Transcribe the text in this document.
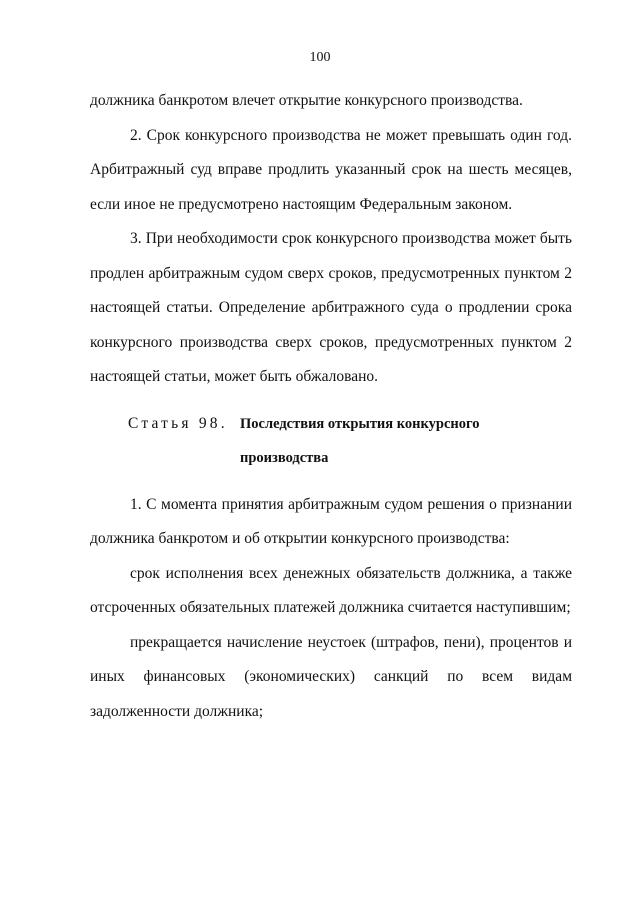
100

должника банкротом влечет открытие конкурсного производства.

2. Срок конкурсного производства не может превышать один год. Арбитражный суд вправе продлить указанный срок на шесть месяцев, если иное не предусмотрено настоящим Федеральным законом.

3. При необходимости срок конкурсного производства может быть продлен арбитражным судом сверх сроков, предусмотренных пунктом 2 настоящей статьи. Определение арбитражного суда о продлении срока конкурсного производства сверх сроков, предусмотренных пунктом 2 настоящей статьи, может быть обжаловано.

Статья 98. Последствия открытия конкурсного
производства

1. С момента принятия арбитражным судом решения о признании должника банкротом и об открытии конкурсного производства:

срок исполнения всех денежных обязательств должника, а также отсроченных обязательных платежей должника считается наступившим;

прекращается начисление неустоек (штрафов, пени), процентов и иных финансовых (экономических) санкций по всем видам задолженности должника;
